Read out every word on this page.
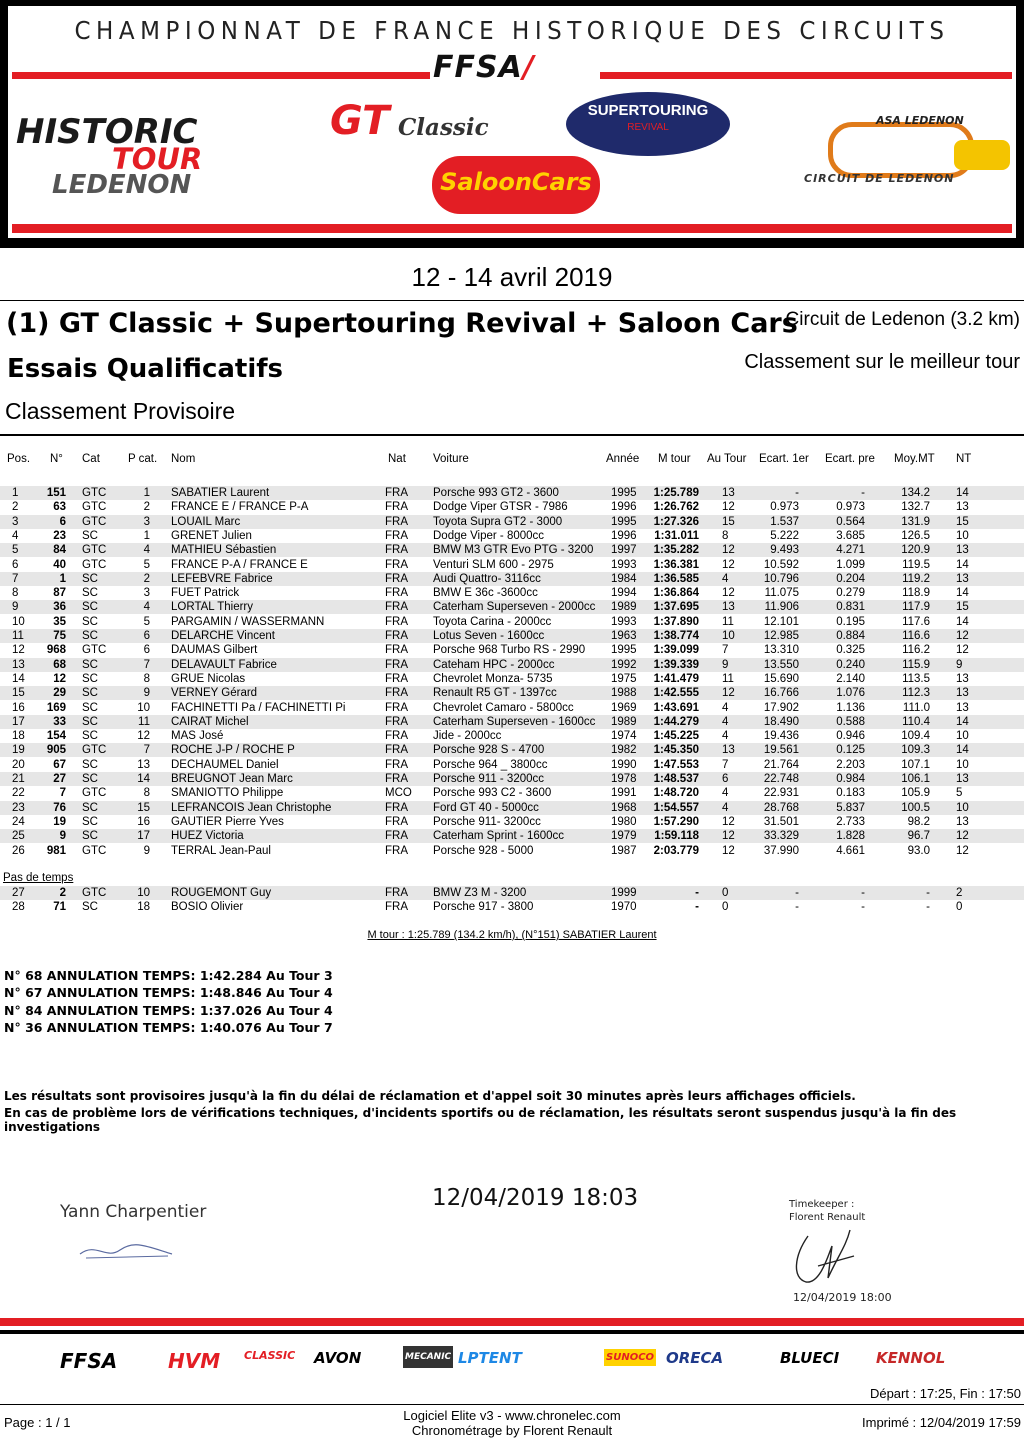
CHAMPIONNAT DE FRANCE HISTORIQUE DES CIRCUITS
FFSA/
HISTORIC
TOUR
LEDENON
GT Classic
SUPERTOURING
REVIVAL
SaloonCars
ASA LEDENON
CIRCUIT DE LEDENON
12 - 14 avril 2019
(1) GT Classic + Supertouring Revival + Saloon Cars
Circuit de Ledenon (3.2 km)
Essais Qualificatifs	Classement sur le meilleur tour
Classement Provisoire
Pos. N° Cat P cat. Nom	Nat Voiture	Année M tour Au Tour Ecart. 1er Ecart. pre Moy.MT NT
1	151 GTC	1 SABATIER Laurent	FRA Porsche 993 GT2 - 3600	1995 1:25.789 13	-	-	134.2 14
2	63 GTC	2 FRANCE E / FRANCE P-A	FRA Dodge Viper GTSR - 7986	1996 1:26.762 12	0.973	0.973	132.7 13
3	6 GTC	3 LOUAIL Marc	FRA Toyota Supra GT2 - 3000	1995 1:27.326 15	1.537	0.564	131.9 15
4	23 SC	1 GRENET Julien	FRA Dodge Viper - 8000cc	1996 1:31.011 8	5.222	3.685	126.5 10
5	84 GTC	4 MATHIEU Sébastien	FRA BMW M3 GTR Evo PTG - 3200 1997 1:35.282 12	9.493	4.271	120.9 13
6	40 GTC	5 FRANCE P-A / FRANCE E	FRA Venturi SLM 600 - 2975	1993 1:36.381 12	10.592	1.099	119.5 14
7	1 SC	2 LEFEBVRE Fabrice	FRA Audi Quattro- 3116cc	1984 1:36.585 4	10.796	0.204	119.2 13
8	87 SC	3 FUET Patrick	FRA BMW E 36c -3600cc	1994 1:36.864 12	11.075	0.279	118.9 14
9	36 SC	4 LORTAL Thierry	FRA Caterham Superseven - 2000cc 1989 1:37.695 13	11.906	0.831	117.9 15
10	35 SC	5 PARGAMIN / WASSERMANN	FRA Toyota Carina - 2000cc	1993 1:37.890 11	12.101	0.195	117.6 14
11	75 SC	6 DELARCHE Vincent	FRA Lotus Seven - 1600cc	1963 1:38.774 10	12.985	0.884	116.6 12
12	968 GTC	6 DAUMAS Gilbert	FRA Porsche 968 Turbo RS - 2990 1995 1:39.099 7	13.310	0.325	116.2 12
13	68 SC	7 DELAVAULT Fabrice	FRA Cateham HPC - 2000cc	1992 1:39.339 9	13.550	0.240	115.9 9
14	12 SC	8 GRUE Nicolas	FRA Chevrolet Monza- 5735	1975 1:41.479 11	15.690	2.140	113.5 13
15	29 SC	9 VERNEY Gérard	FRA Renault R5 GT - 1397cc	1988 1:42.555 12	16.766	1.076	112.3 13
16	169 SC	10 FACHINETTI Pa / FACHINETTI Pi	FRA Chevrolet Camaro - 5800cc	1969 1:43.691 4	17.902	1.136	111.0 13
17	33 SC	11 CAIRAT Michel	FRA Caterham Superseven - 1600cc 1989 1:44.279 4	18.490	0.588	110.4 14
18	154 SC	12 MAS José	FRA Jide - 2000cc	1974 1:45.225 4	19.436	0.946	109.4 10
19	905 GTC	7 ROCHE J-P / ROCHE P	FRA Porsche 928 S - 4700	1982 1:45.350 13	19.561	0.125	109.3 14
20	67 SC	13 DECHAUMEL Daniel	FRA Porsche 964 _ 3800cc	1990 1:47.553 7	21.764	2.203	107.1 10
21	27 SC	14 BREUGNOT Jean Marc	FRA Porsche 911 - 3200cc	1978 1:48.537 6	22.748	0.984	106.1 13
22	7 GTC	8 SMANIOTTO Philippe	MCO Porsche 993 C2 - 3600	1991 1:48.720 4	22.931	0.183	105.9 5
23	76 SC	15 LEFRANCOIS Jean Christophe	FRA Ford GT 40 - 5000cc	1968 1:54.557 4	28.768	5.837	100.5 10
24	19 SC	16 GAUTIER Pierre Yves	FRA Porsche 911- 3200cc	1980 1:57.290 12	31.501	2.733	98.2 13
25	9 SC	17 HUEZ Victoria	FRA Caterham Sprint - 1600cc	1979 1:59.118 12	33.329	1.828	96.7 12
26	981 GTC	9 TERRAL Jean-Paul	FRA Porsche 928 - 5000	1987 2:03.779 12	37.990	4.661	93.0 12
Pas de temps
27	2 GTC	10 ROUGEMONT Guy	FRA BMW Z3 M - 3200	1999	- 0	-	-	- 2
28	71 SC	18 BOSIO Olivier	FRA Porsche 917 - 3800	1970	- 0	-	-	- 0
M tour : 1:25.789 (134.2 km/h), (N°151) SABATIER Laurent
N° 68 ANNULATION TEMPS: 1:42.284 Au Tour 3
N° 67 ANNULATION TEMPS: 1:48.846 Au Tour 4
N° 84 ANNULATION TEMPS: 1:37.026 Au Tour 4
N° 36 ANNULATION TEMPS: 1:40.076 Au Tour 7
Les résultats sont provisoires jusqu'à la fin du délai de réclamation et d'appel soit 30 minutes après leurs affichages officiels.
En cas de problème lors de vérifications techniques, d'incidents sportifs ou de réclamation, les résultats seront suspendus jusqu'à la fin des investigations
Yann Charpentier
12/04/2019 18:03	Timekeeper :
Florent Renault
12/04/2019 18:00
FFSA	HVM CLASSIC AVON	MECANIC LPTENT	SUNOCO ORECA	BLUECI KENNOL
Départ : 17:25, Fin : 17:50
Page : 1 / 1	Logiciel Elite v3 - www.chronelec.com
Chronométrage by Florent Renault
Imprimé : 12/04/2019 17:59
